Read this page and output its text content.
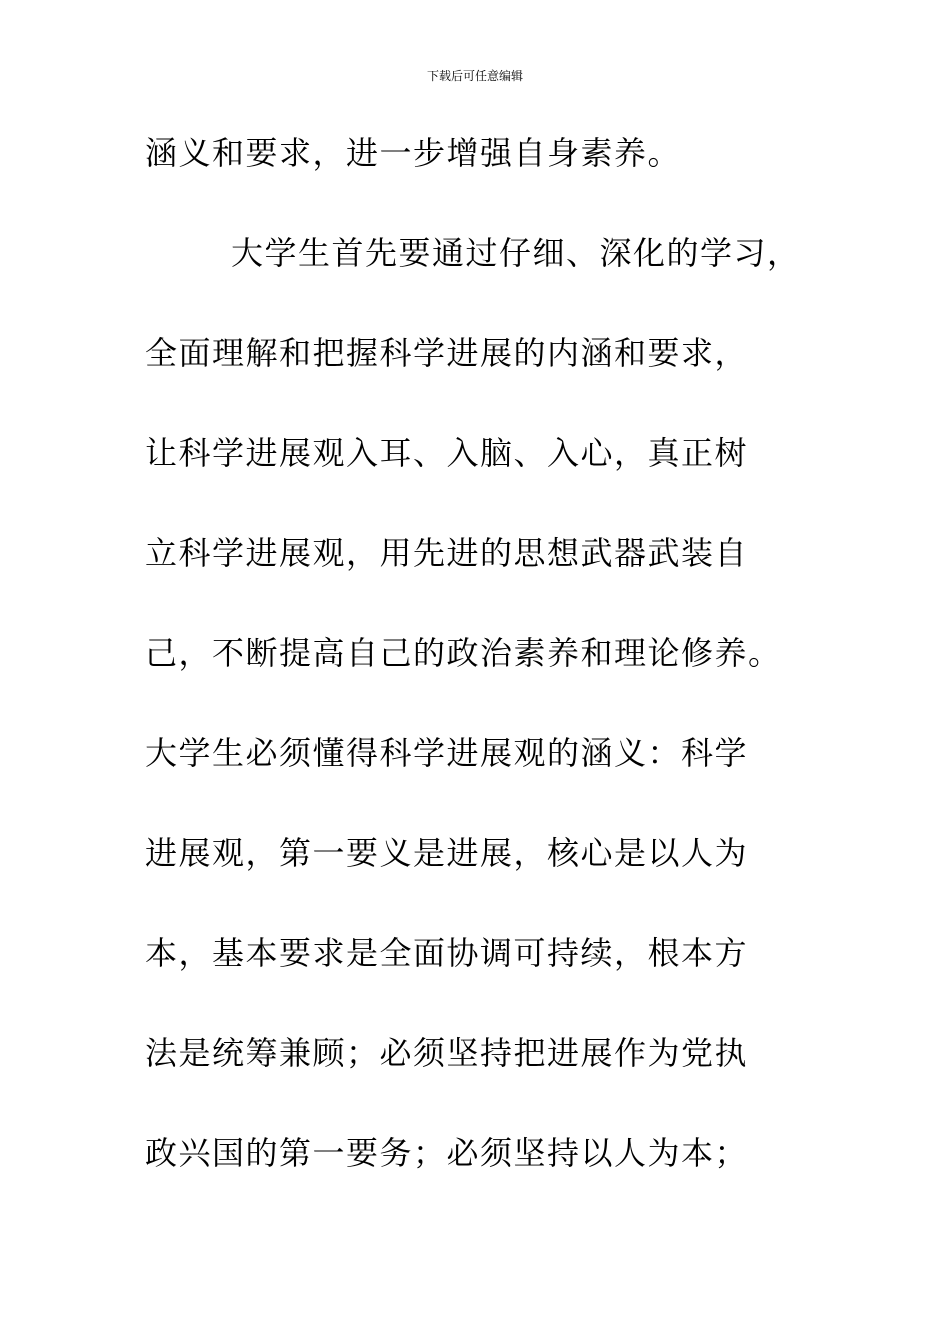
下载后可任意编辑
涵义和要求，进一步增强自身素养。
大学生首先要通过仔细、深化的学习，
全面理解和把握科学进展的内涵和要求，
让科学进展观入耳、入脑、入心，真正树
立科学进展观，用先进的思想武器武装自
己，不断提高自己的政治素养和理论修养。
大学生必须懂得科学进展观的涵义：科学
进展观，第一要义是进展，核心是以人为
本，基本要求是全面协调可持续，根本方
法是统筹兼顾；必须坚持把进展作为党执
政兴国的第一要务；必须坚持以人为本；
